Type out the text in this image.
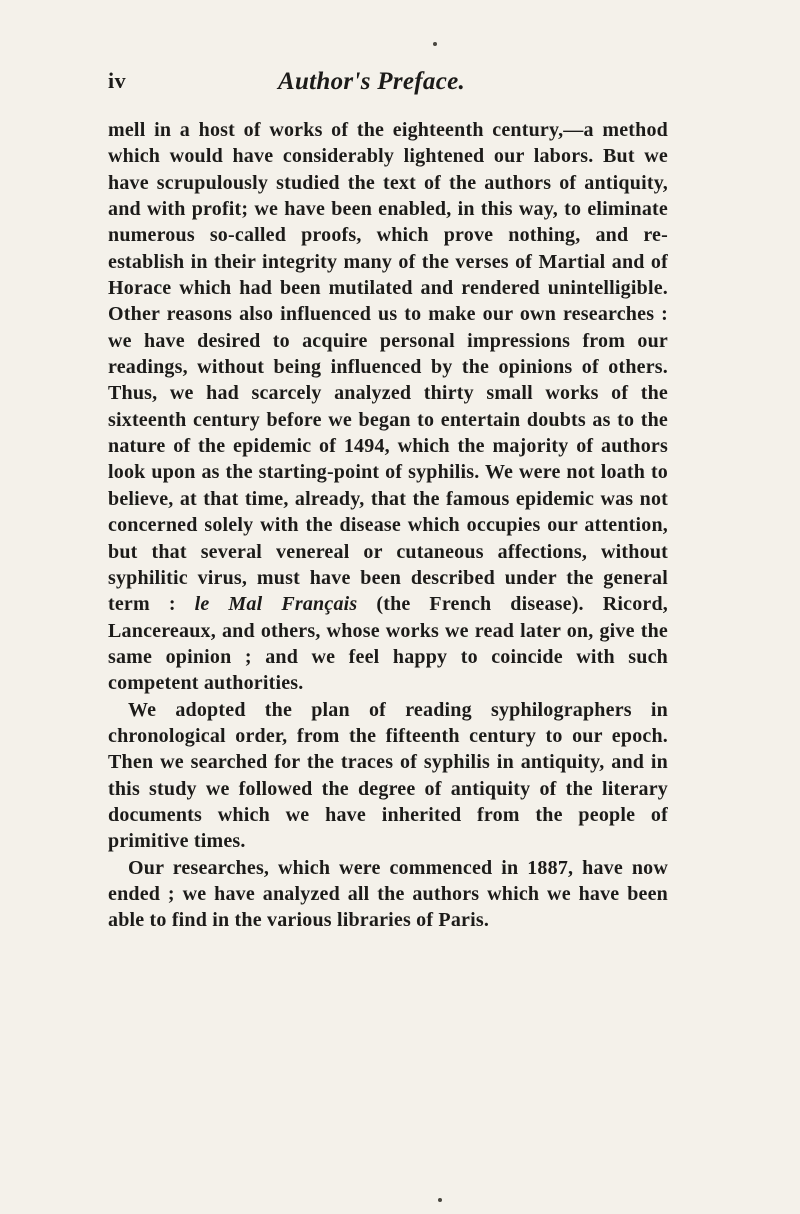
iv	Author's Preface.

mell in a host of works of the eighteenth century,—a method which would have considerably lightened our labors. But we have scrupulously studied the text of the authors of antiquity, and with profit; we have been enabled, in this way, to eliminate numerous so-called proofs, which prove nothing, and re-establish in their integrity many of the verses of Martial and of Horace which had been mutilated and rendered unintelligible. Other reasons also influenced us to make our own researches : we have desired to acquire personal impressions from our readings, without being influenced by the opinions of others. Thus, we had scarcely analyzed thirty small works of the sixteenth century before we began to entertain doubts as to the nature of the epidemic of 1494, which the majority of authors look upon as the starting-point of syphilis. We were not loath to believe, at that time, already, that the famous epidemic was not concerned solely with the disease which occupies our attention, but that several venereal or cutaneous affections, without syphilitic virus, must have been described under the general term : le Mal Français (the French disease). Ricord, Lancereaux, and others, whose works we read later on, give the same opinion ; and we feel happy to coincide with such competent authorities.

We adopted the plan of reading syphilographers in chronological order, from the fifteenth century to our epoch. Then we searched for the traces of syphilis in antiquity, and in this study we followed the degree of antiquity of the literary documents which we have inherited from the people of primitive times.

Our researches, which were commenced in 1887, have now ended ; we have analyzed all the authors which we have been able to find in the various libraries of Paris.
